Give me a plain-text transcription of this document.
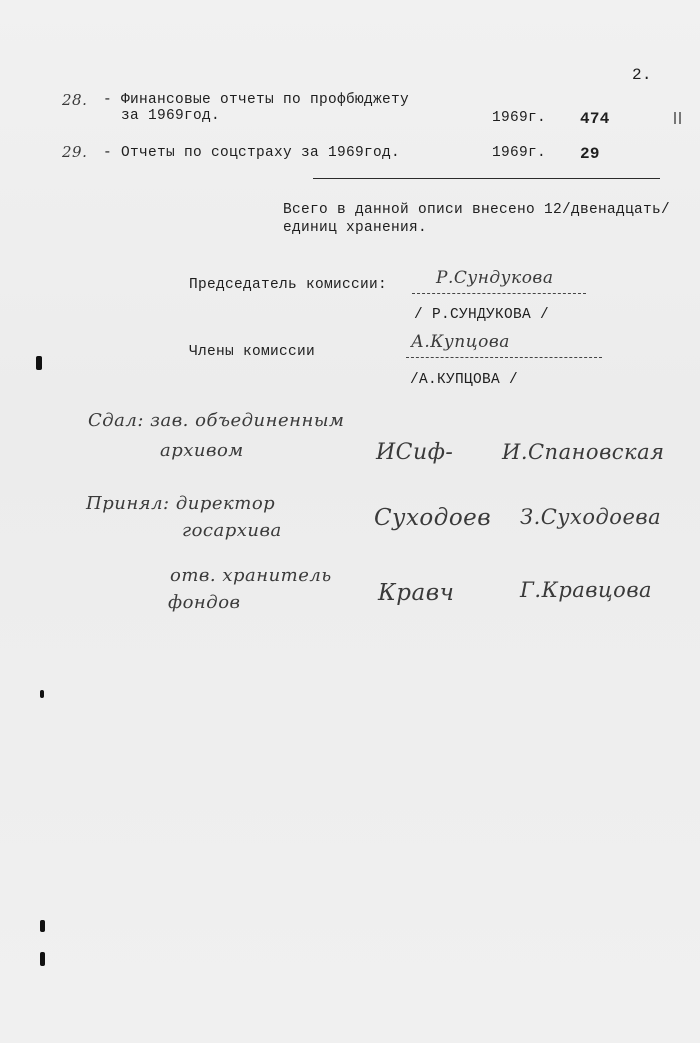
2.
28. - Финансовые отчеты по профбюджету
за 1969год.	1969г. 474
29. - Отчеты по соцстраху за 1969год.	1969г. 29
Всего в данной описи внесено 12/двенадцать/
единиц хранения.
Председатель комиссии:	Р.Сундукова
/ Р.СУНДУКОВА /
Члены комиссии	А.Купцова
/А.КУПЦОВА /
Сдал: зав. объединенным
архивом	ИСиф- И.Спановская
Принял: директор
госархива	Суходоев З.Суходоева
отв. хранитель
фондов	Кравч	Г.Кравцова
